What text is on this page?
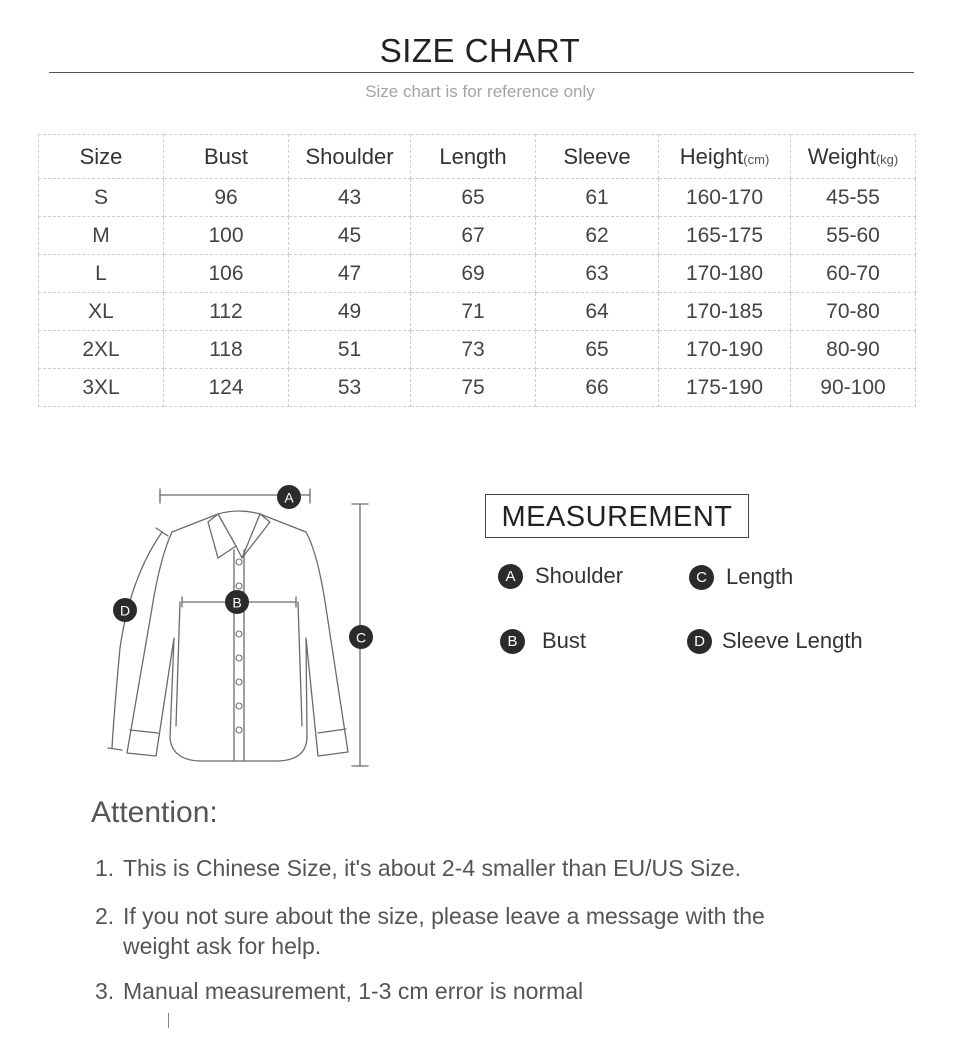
SIZE CHART
Size chart is for reference only
Size	Bust	Shoulder	Length	Sleeve	Height(cm)	Weight(kg)
S	96	43	65	61	160-170	45-55
M	100	45	67	62	165-175	55-60
L	106	47	69	63	170-180	60-70
XL	112	49	71	64	170-185	70-80
2XL	118	51	73	65	170-190	80-90
3XL	124	53	75	66	175-190	90-100
A
B
C
D
MEASUREMENT
A Shoulder	C Length
B	Bust	D Sleeve Length
Attention:
1. This is Chinese Size, it's about 2-4 smaller than EU/US Size.
2. If you not sure about the size, please leave a message with the
weight ask for help.
3. Manual measurement, 1-3 cm error is normal
